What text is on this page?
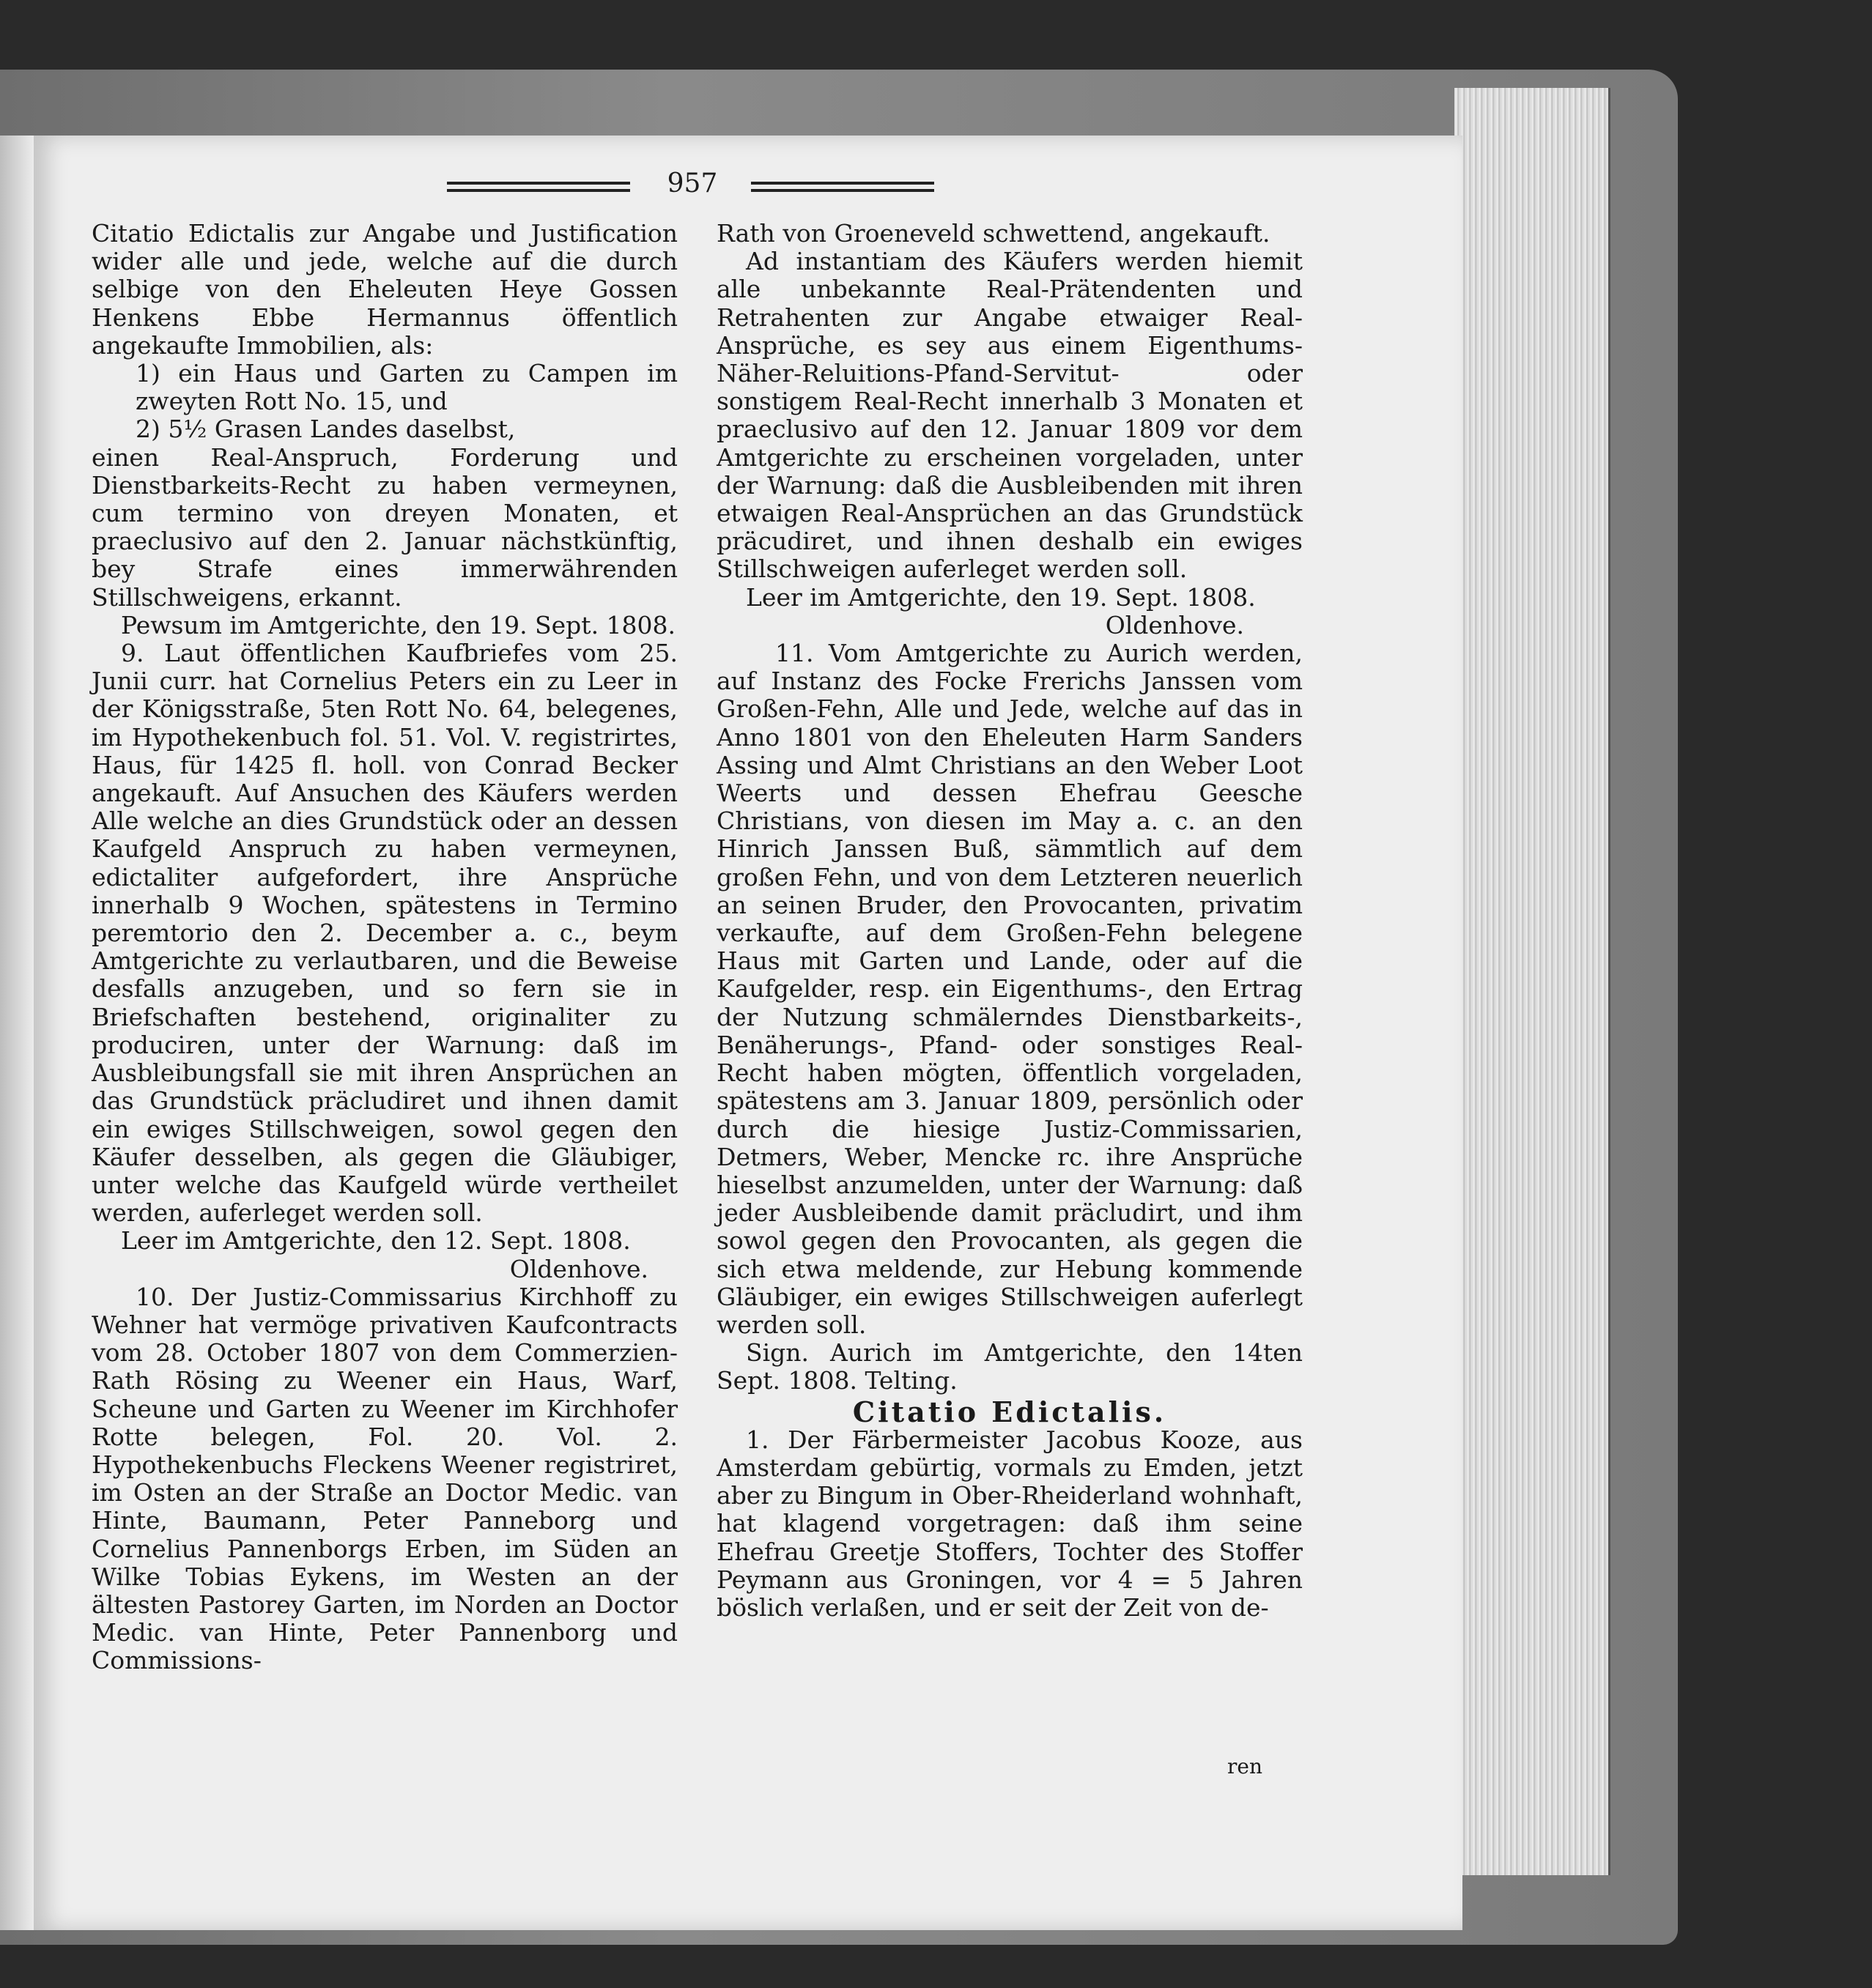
957

Citatio Edictalis zur Angabe und Justification wider alle und jede, welche auf die durch selbige von den Eheleuten Heye Gossen Henkens Ebbe Hermannus öffentlich angekaufte Immobilien, als:

1) ein Haus und Garten zu Campen im zweyten Rott No. 15, und

2) 5½ Grasen Landes daselbst,

einen Real-Anspruch, Forderung und Dienstbarkeits-Recht zu haben vermeynen, cum termino von dreyen Monaten, et praeclusivo auf den 2. Januar nächstkünftig, bey Strafe eines immerwährenden Stillschweigens, erkannt.

Pewsum im Amtgerichte, den 19. Sept. 1808.

9. Laut öffentlichen Kaufbriefes vom 25. Junii curr. hat Cornelius Peters ein zu Leer in der Königsstraße, 5ten Rott No. 64, belegenes, im Hypothekenbuch fol. 51. Vol. V. registrirtes, Haus, für 1425 fl. holl. von Conrad Becker angekauft. Auf Ansuchen des Käufers werden Alle welche an dies Grundstück oder an dessen Kaufgeld Anspruch zu haben vermeynen, edictaliter aufgefordert, ihre Ansprüche innerhalb 9 Wochen, spätestens in Termino peremtorio den 2. December a. c., beym Amtgerichte zu verlautbaren, und die Beweise desfalls anzugeben, und so fern sie in Briefschaften bestehend, originaliter zu produciren, unter der Warnung: daß im Ausbleibungsfall sie mit ihren Ansprüchen an das Grundstück präcludiret und ihnen damit ein ewiges Stillschweigen, sowol gegen den Käufer desselben, als gegen die Gläubiger, unter welche das Kaufgeld würde vertheilet werden, auferleget werden soll.

Leer im Amtgerichte, den 12. Sept. 1808.

Oldenhove.

10. Der Justiz-Commissarius Kirchhoff zu Wehner hat vermöge privativen Kaufcontracts vom 28. October 1807 von dem Commerzien-Rath Rösing zu Weener ein Haus, Warf, Scheune und Garten zu Weener im Kirchhofer Rotte belegen, Fol. 20. Vol. 2. Hypothekenbuchs Fleckens Weener registriret, im Osten an der Straße an Doctor Medic. van Hinte, Baumann, Peter Panneborg und Cornelius Pannenborgs Erben, im Süden an Wilke Tobias Eykens, im Westen an der ältesten Pastorey Garten, im Norden an Doctor Medic. van Hinte, Peter Pannenborg und Commissions-

Rath von Groeneveld schwettend, angekauft.

Ad instantiam des Käufers werden hiemit alle unbekannte Real-Prätendenten und Retrahenten zur Angabe etwaiger Real-Ansprüche, es sey aus einem Eigenthums-Näher-Reluitions-Pfand-Servitut- oder sonstigem Real-Recht innerhalb 3 Monaten et praeclusivo auf den 12. Januar 1809 vor dem Amtgerichte zu erscheinen vorgeladen, unter der Warnung: daß die Ausbleibenden mit ihren etwaigen Real-Ansprüchen an das Grundstück präcudiret, und ihnen deshalb ein ewiges Stillschweigen auferleget werden soll.

Leer im Amtgerichte, den 19. Sept. 1808.

Oldenhove.

11. Vom Amtgerichte zu Aurich werden, auf Instanz des Focke Frerichs Janssen vom Großen-Fehn, Alle und Jede, welche auf das in Anno 1801 von den Eheleuten Harm Sanders Assing und Almt Christians an den Weber Loot Weerts und dessen Ehefrau Geesche Christians, von diesen im May a. c. an den Hinrich Janssen Buß, sämmtlich auf dem großen Fehn, und von dem Letzteren neuerlich an seinen Bruder, den Provocanten, privatim verkaufte, auf dem Großen-Fehn belegene Haus mit Garten und Lande, oder auf die Kaufgelder, resp. ein Eigenthums-, den Ertrag der Nutzung schmälerndes Dienstbarkeits-, Benäherungs-, Pfand- oder sonstiges Real-Recht haben mögten, öffentlich vorgeladen, spätestens am 3. Januar 1809, persönlich oder durch die hiesige Justiz-Commissarien, Detmers, Weber, Mencke rc. ihre Ansprüche hieselbst anzumelden, unter der Warnung: daß jeder Ausbleibende damit präcludirt, und ihm sowol gegen den Provocanten, als gegen die sich etwa meldende, zur Hebung kommende Gläubiger, ein ewiges Stillschweigen auferlegt werden soll.

Sign. Aurich im Amtgerichte, den 14ten Sept. 1808. Telting.

Citatio Edictalis.

1. Der Färbermeister Jacobus Kooze, aus Amsterdam gebürtig, vormals zu Emden, jetzt aber zu Bingum in Ober-Rheiderland wohnhaft, hat klagend vorgetragen: daß ihm seine Ehefrau Greetje Stoffers, Tochter des Stoffer Peymann aus Groningen, vor 4 = 5 Jahren böslich verlaßen, und er seit der Zeit von de-

ren
